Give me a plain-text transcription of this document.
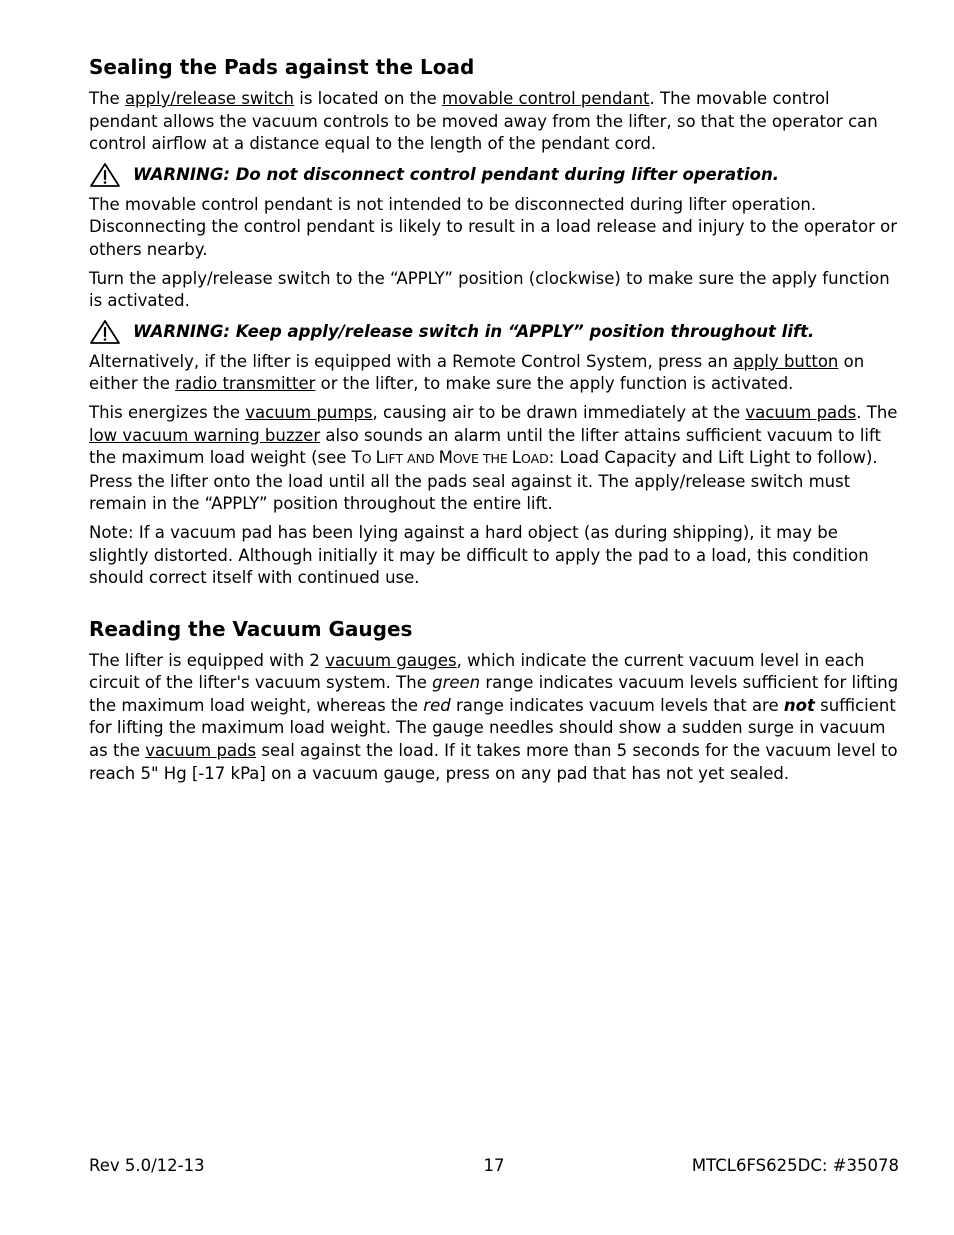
Sealing the Pads against the Load

The apply/release switch is located on the movable control pendant. The movable control pendant allows the vacuum controls to be moved away from the lifter, so that the operator can control airflow at a distance equal to the length of the pendant cord.

WARNING: Do not disconnect control pendant during lifter operation.

The movable control pendant is not intended to be disconnected during lifter operation. Disconnecting the control pendant is likely to result in a load release and injury to the operator or others nearby.

Turn the apply/release switch to the “APPLY” position (clockwise) to make sure the apply function is activated.

WARNING: Keep apply/release switch in “APPLY” position throughout lift.

Alternatively, if the lifter is equipped with a Remote Control System, press an apply button on either the radio transmitter or the lifter, to make sure the apply function is activated.

This energizes the vacuum pumps, causing air to be drawn immediately at the vacuum pads. The low vacuum warning buzzer also sounds an alarm until the lifter attains sufficient vacuum to lift the maximum load weight (see TO LIFT AND MOVE THE LOAD: Load Capacity and Lift Light to follow). Press the lifter onto the load until all the pads seal against it. The apply/release switch must remain in the “APPLY” position throughout the entire lift.

Note: If a vacuum pad has been lying against a hard object (as during shipping), it may be slightly distorted. Although initially it may be difficult to apply the pad to a load, this condition should correct itself with continued use.

Reading the Vacuum Gauges

The lifter is equipped with 2 vacuum gauges, which indicate the current vacuum level in each circuit of the lifter's vacuum system. The green range indicates vacuum levels sufficient for lifting the maximum load weight, whereas the red range indicates vacuum levels that are not sufficient for lifting the maximum load weight. The gauge needles should show a sudden surge in vacuum as the vacuum pads seal against the load. If it takes more than 5 seconds for the vacuum level to reach 5" Hg [-17 kPa] on a vacuum gauge, press on any pad that has not yet sealed.

Rev 5.0/12-13	17	MTCL6FS625DC: #35078
